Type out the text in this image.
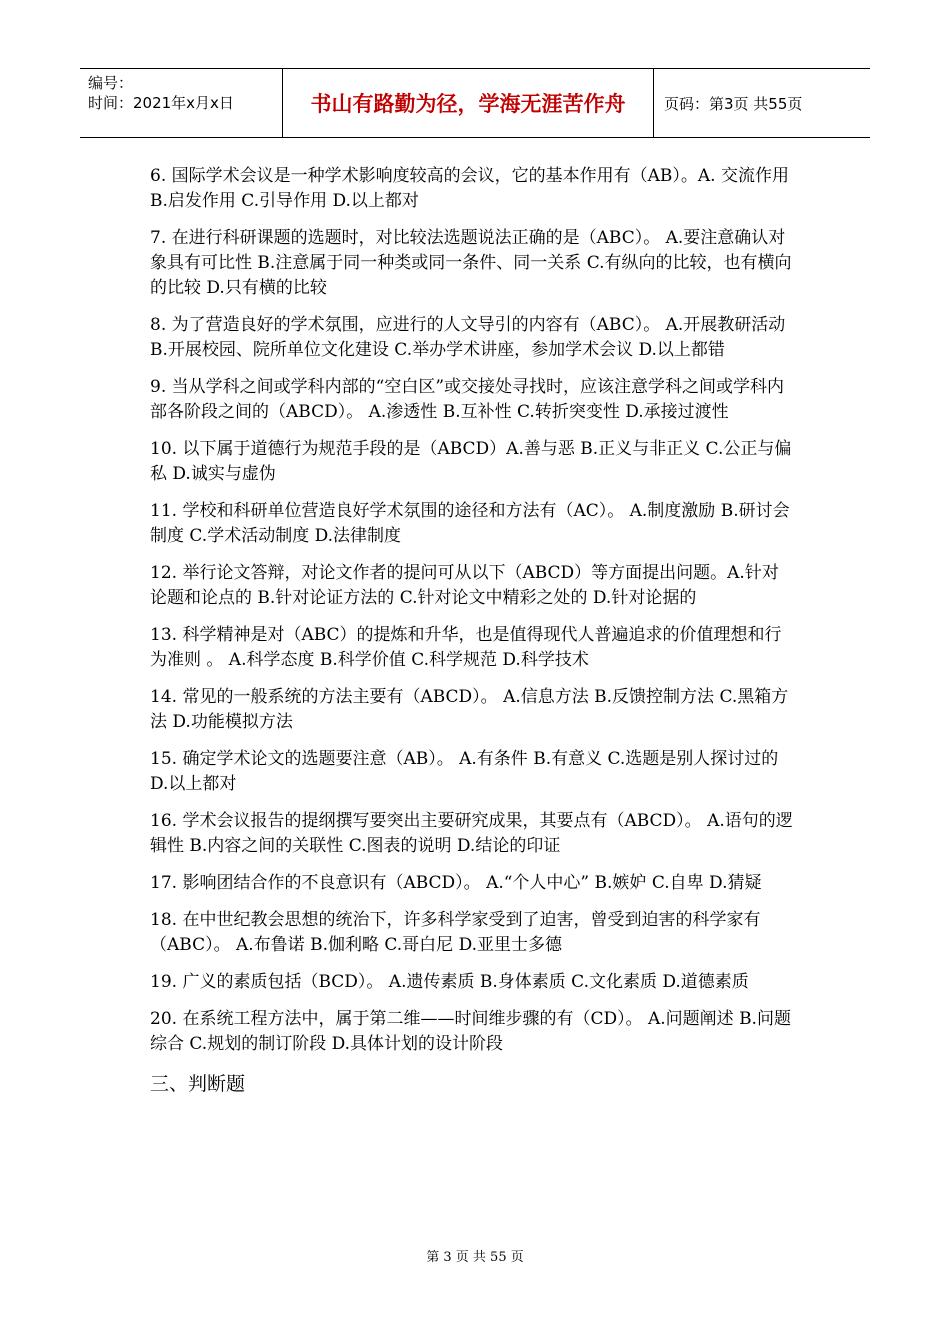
编号：
时间：2021年x月x日	书山有路勤为径，学海无涯苦作舟	页码：第3页 共55页

6. 国际学术会议是一种学术影响度较高的会议，它的基本作用有（AB）。A. 交流作用 B.启发作用 C.引导作用 D.以上都对

7. 在进行科研课题的选题时，对比较法选题说法正确的是（ABC）。 A.要注意确认对象具有可比性 B.注意属于同一种类或同一条件、同一关系 C.有纵向的比较，也有横向的比较 D.只有横的比较

8. 为了营造良好的学术氛围，应进行的人文导引的内容有（ABC）。 A.开展教研活动 B.开展校园、院所单位文化建设 C.举办学术讲座，参加学术会议 D.以上都错

9. 当从学科之间或学科内部的“空白区”或交接处寻找时，应该注意学科之间或学科内部各阶段之间的（ABCD）。 A.渗透性 B.互补性 C.转折突变性 D.承接过渡性

10. 以下属于道德行为规范手段的是（ABCD）A.善与恶 B.正义与非正义 C.公正与偏私 D.诚实与虚伪

11. 学校和科研单位营造良好学术氛围的途径和方法有（AC）。 A.制度激励 B.研讨会制度 C.学术活动制度 D.法律制度

12. 举行论文答辩，对论文作者的提问可从以下（ABCD）等方面提出问题。A.针对论题和论点的 B.针对论证方法的 C.针对论文中精彩之处的 D.针对论据的

13. 科学精神是对（ABC）的提炼和升华，也是值得现代人普遍追求的价值理想和行为准则 。 A.科学态度 B.科学价值 C.科学规范 D.科学技术

14. 常见的一般系统的方法主要有（ABCD）。 A.信息方法 B.反馈控制方法 C.黑箱方法 D.功能模拟方法

15. 确定学术论文的选题要注意（AB）。 A.有条件 B.有意义 C.选题是别人探讨过的 D.以上都对

16. 学术会议报告的提纲撰写要突出主要研究成果，其要点有（ABCD）。 A.语句的逻辑性 B.内容之间的关联性 C.图表的说明 D.结论的印证

17. 影响团结合作的不良意识有（ABCD）。 A.“个人中心” B.嫉妒 C.自卑 D.猜疑

18. 在中世纪教会思想的统治下，许多科学家受到了迫害，曾受到迫害的科学家有（ABC）。 A.布鲁诺 B.伽利略 C.哥白尼 D.亚里士多德

19. 广义的素质包括（BCD）。 A.遗传素质 B.身体素质 C.文化素质 D.道德素质

20. 在系统工程方法中，属于第二维——时间维步骤的有（CD）。 A.问题阐述 B.问题综合 C.规划的制订阶段 D.具体计划的设计阶段

三、判断题
第 3 页 共 55 页
